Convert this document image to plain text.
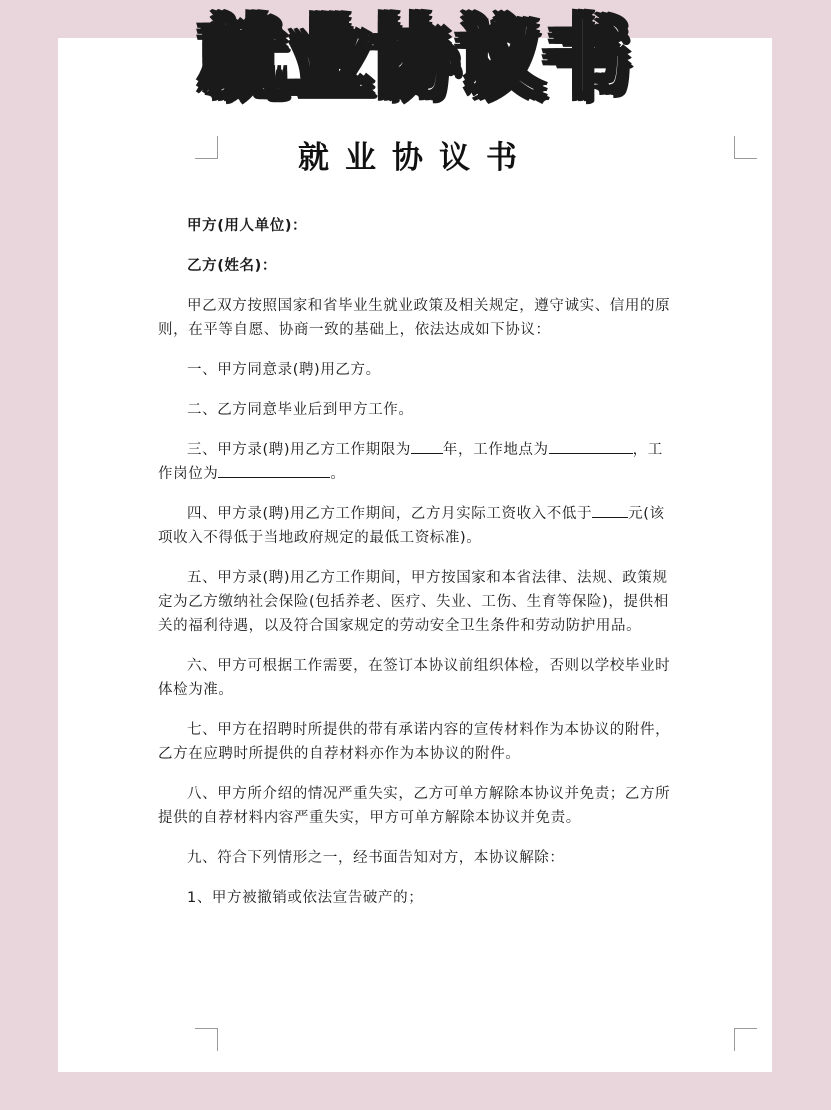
就业协议书
就业协议书

甲方(用人单位)：

乙方(姓名)：

甲乙双方按照国家和省毕业生就业政策及相关规定，遵守诚实、信用的原则，在平等自愿、协商一致的基础上，依法达成如下协议：

一、甲方同意录(聘)用乙方。

二、乙方同意毕业后到甲方工作。

三、甲方录(聘)用乙方工作期限为 年，工作地点为	，工作岗位为	。

四、甲方录(聘)用乙方工作期间，乙方月实际工资收入不低于 元(该项收入不得低于当地政府规定的最低工资标准)。

五、甲方录(聘)用乙方工作期间，甲方按国家和本省法律、法规、政策规定为乙方缴纳社会保险(包括养老、医疗、失业、工伤、生育等保险)，提供相关的福利待遇，以及符合国家规定的劳动安全卫生条件和劳动防护用品。

六、甲方可根据工作需要，在签订本协议前组织体检，否则以学校毕业时体检为准。

七、甲方在招聘时所提供的带有承诺内容的宣传材料作为本协议的附件，乙方在应聘时所提供的自荐材料亦作为本协议的附件。

八、甲方所介绍的情况严重失实，乙方可单方解除本协议并免责；乙方所提供的自荐材料内容严重失实，甲方可单方解除本协议并免责。

九、符合下列情形之一，经书面告知对方，本协议解除：

1、甲方被撤销或依法宣告破产的；
